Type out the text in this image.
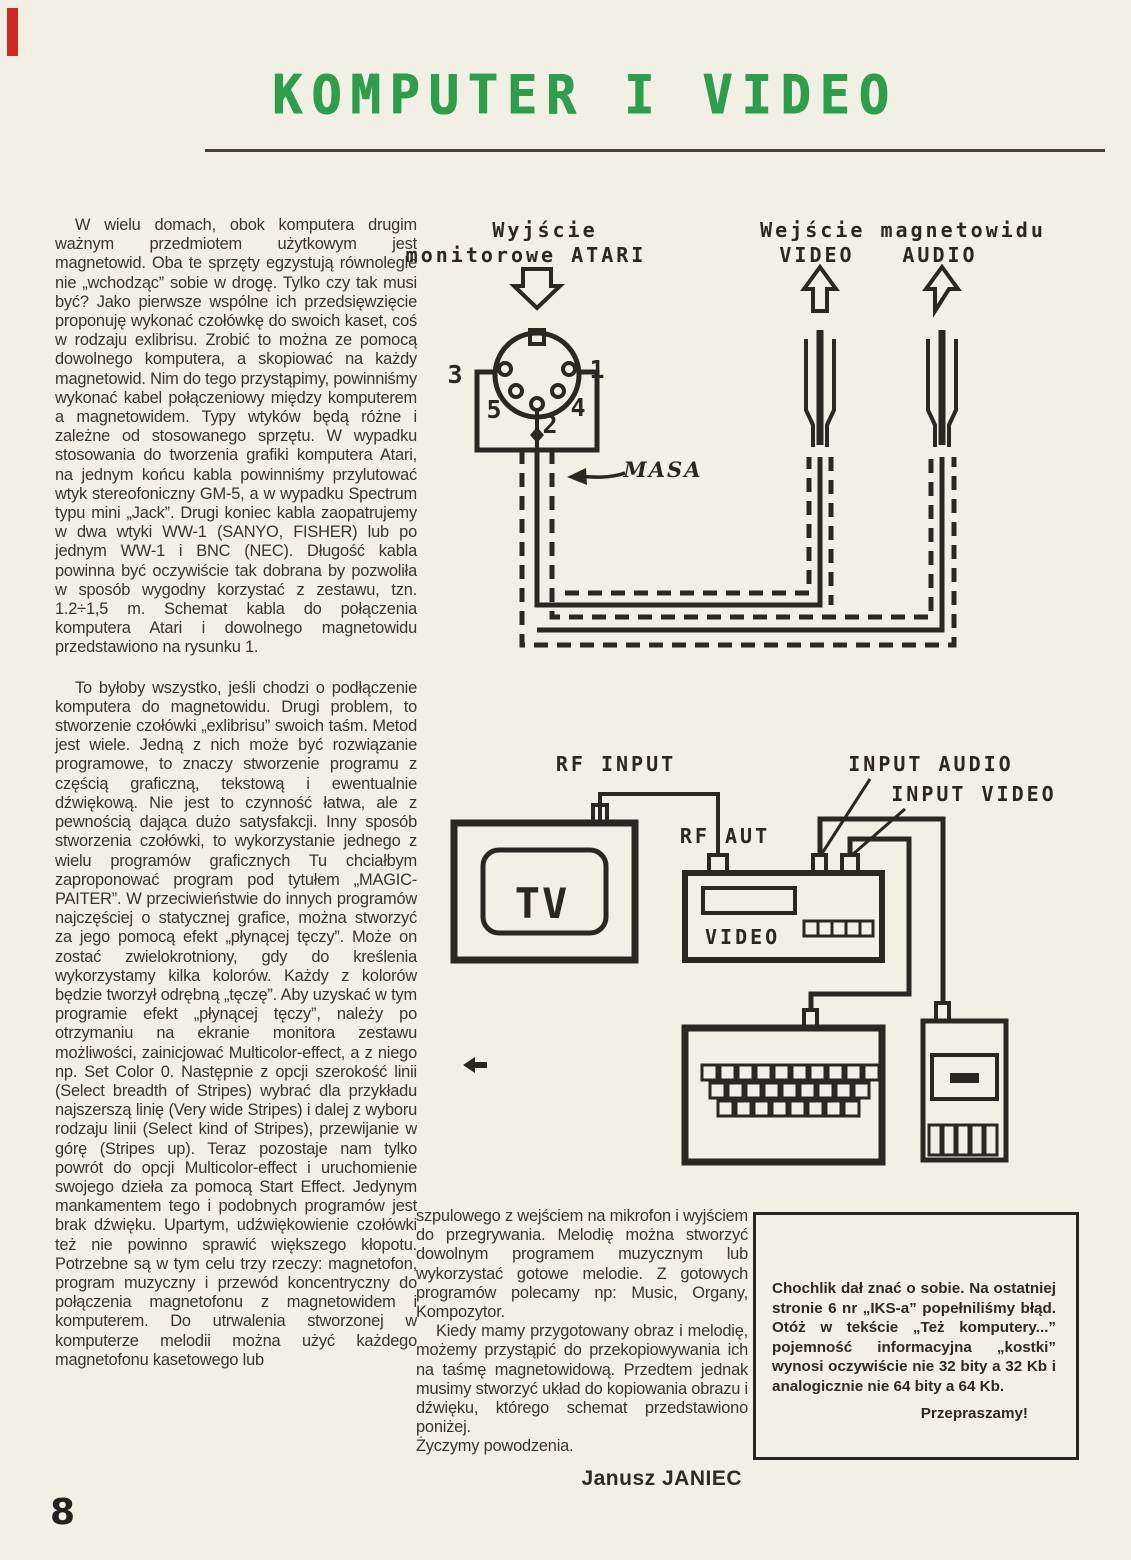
KOMPUTER I VIDEO

W wielu domach, obok komputera drugim ważnym przedmiotem użytkowym jest magnetowid. Oba te sprzęty egzystują równolegle nie „wchodząc” sobie w drogę. Tylko czy tak musi być? Jako pierwsze wspólne ich przedsięwzięcie proponuję wykonać czołówkę do swoich kaset, coś w rodzaju exlibrisu. Zrobić to można ze pomocą dowolnego komputera, a skopiować na każdy magnetowid. Nim do tego przystąpimy, powinniśmy wykonać kabel połączeniowy między komputerem a magnetowidem. Typy wtyków będą różne i zależne od stosowanego sprzętu. W wypadku stosowania do tworzenia grafiki komputera Atari, na jednym końcu kabla powinniśmy przylutować wtyk stereofoniczny GM-5, a w wypadku Spectrum typu mini „Jack”. Drugi koniec kabla zaopatrujemy w dwa wtyki WW-1 (SANYO, FISHER) lub po jednym WW-1 i BNC (NEC). Długość kabla powinna być oczywiście tak dobrana by pozwoliła w sposób wygodny korzystać z zestawu, tzn. 1.2÷1,5 m. Schemat kabla do połączenia komputera Atari i dowolnego magnetowidu przedstawiono na rysunku 1.

To byłoby wszystko, jeśli chodzi o podłączenie komputera do magnetowidu. Drugi problem, to stworzenie czołówki „exlibrisu” swoich taśm. Metod jest wiele. Jedną z nich może być rozwiązanie programowe, to znaczy stworzenie programu z częścią graficzną, tekstową i ewentualnie dźwiękową. Nie jest to czynność łatwa, ale z pewnością dająca dużo satysfakcji. Inny sposób stworzenia czołówki, to wykorzystanie jednego z wielu programów graficznych Tu chciałbym zaproponować program pod tytułem „MAGIC-PAITER”. W przeciwieństwie do innych programów najczęściej o statycznej grafice, można stworzyć za jego pomocą efekt „płynącej tęczy”. Może on zostać zwielokrotniony, gdy do kreślenia wykorzystamy kilka kolorów. Każdy z kolorów będzie tworzył odrębną „tęczę”. Aby uzyskać w tym programie efekt „płynącej tęczy”, należy po otrzymaniu na ekranie monitora zestawu możliwości, zainicjować Multicolor-effect, a z niego np. Set Color 0. Następnie z opcji szerokość linii (Select breadth of Stripes) wybrać dla przykładu najszerszą linię (Very wide Stripes) i dalej z wyboru rodzaju linii (Select kind of Stripes), przewijanie w górę (Stripes up). Teraz pozostaje nam tylko powrót do opcji Multicolor-effect i uruchomienie swojego dzieła za pomocą Start Effect. Jedynym mankamentem tego i podobnych programów jest brak dźwięku. Upartym, udźwiękowienie czołówki też nie powinno sprawić większego kłopotu. Potrzebne są w tym celu trzy rzeczy: magnetofon, program muzyczny i przewód koncentryczny do połączenia magnetofonu z magnetowidem i komputerem. Do utrwalenia stworzonej w komputerze melodii można użyć każdego magnetofonu kasetowego lub

Wyjście
monitorowe ATARI
Wejście magnetowidu
VIDEO AUDIO
3	1
5	4
2
MASA
RF INPUT	INPUT AUDIO
INPUT VIDEO
RF AUT
TV
VIDEO

szpulowego z wejściem na mikrofon i wyjściem do przegrywania. Melodię można stworzyć dowolnym programem muzycznym lub wykorzystać gotowe melodie. Z gotowych programów polecamy np: Music, Organy, Kompozytor.

Kiedy mamy przygotowany obraz i melodię, możemy przystąpić do przekopiowywania ich na taśmę magnetowidową. Przedtem jednak musimy stworzyć układ do kopiowania obrazu i dźwięku, którego schemat przedstawiono poniżej.

Życzymy powodzenia.

Janusz JANIEC
Chochlik dał znać o sobie. Na ostatniej stronie 6 nr „IKS-a” popełniliśmy błąd. Otóż w tekście „Też komputery...” pojemność informacyjna „kostki” wynosi oczywiście nie 32 bity a 32 Kb i analogicznie nie 64 bity a 64 Kb.
Przepraszamy!
8
